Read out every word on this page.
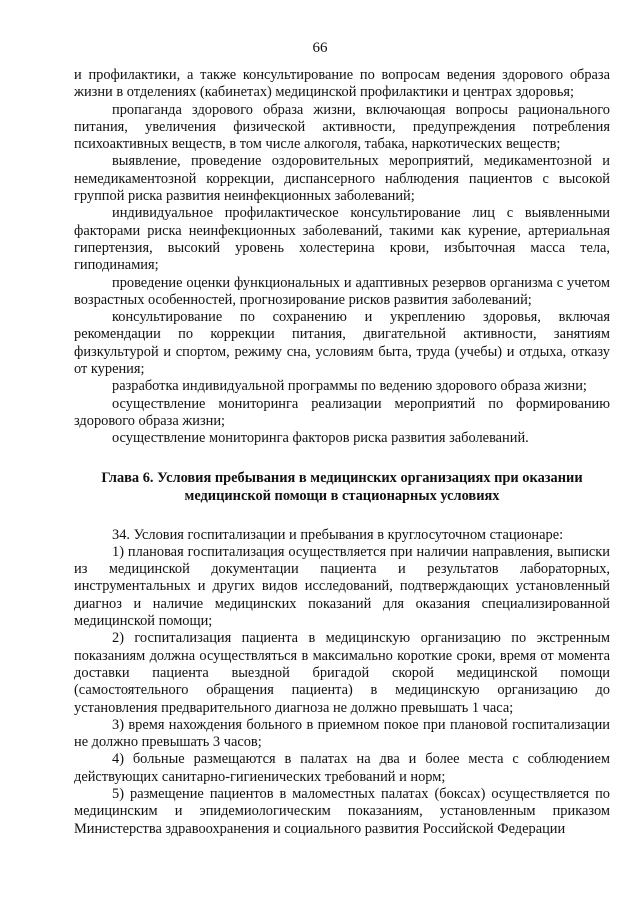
66

и профилактики, а также консультирование по вопросам ведения здорового образа жизни в отделениях (кабинетах) медицинской профилактики и центрах здоровья;

пропаганда здорового образа жизни, включающая вопросы рационального питания, увеличения физической активности, предупреждения потребления психоактивных веществ, в том числе алкоголя, табака, наркотических веществ;

выявление, проведение оздоровительных мероприятий, медикаментозной и немедикаментозной коррекции, диспансерного наблюдения пациентов с высокой группой риска развития неинфекционных заболеваний;

индивидуальное профилактическое консультирование лиц с выявленными факторами риска неинфекционных заболеваний, такими как курение, артериальная гипертензия, высокий уровень холестерина крови, избыточная масса тела, гиподинамия;

проведение оценки функциональных и адаптивных резервов организма с учетом возрастных особенностей, прогнозирование рисков развития заболеваний;

консультирование по сохранению и укреплению здоровья, включая рекомендации по коррекции питания, двигательной активности, занятиям физкультурой и спортом, режиму сна, условиям быта, труда (учебы) и отдыха, отказу от курения;

разработка индивидуальной программы по ведению здорового образа жизни;

осуществление мониторинга реализации мероприятий по формированию здорового образа жизни;

осуществление мониторинга факторов риска развития заболеваний.

Глава 6. Условия пребывания в медицинских организациях при оказании медицинской помощи в стационарных условиях

34. Условия госпитализации и пребывания в круглосуточном стационаре:

1) плановая госпитализация осуществляется при наличии направления, выписки из медицинской документации пациента и результатов лабораторных, инструментальных и других видов исследований, подтверждающих установленный диагноз и наличие медицинских показаний для оказания специализированной медицинской помощи;

2) госпитализация пациента в медицинскую организацию по экстренным показаниям должна осуществляться в максимально короткие сроки, время от момента доставки пациента выездной бригадой скорой медицинской помощи (самостоятельного обращения пациента) в медицинскую организацию до установления предварительного диагноза не должно превышать 1 часа;

3) время нахождения больного в приемном покое при плановой госпитализации не должно превышать 3 часов;

4) больные размещаются в палатах на два и более места с соблюдением действующих санитарно-гигиенических требований и норм;

5) размещение пациентов в маломестных палатах (боксах) осуществляется по медицинским и эпидемиологическим показаниям, установленным приказом Министерства здравоохранения и социального развития Российской Федерации
